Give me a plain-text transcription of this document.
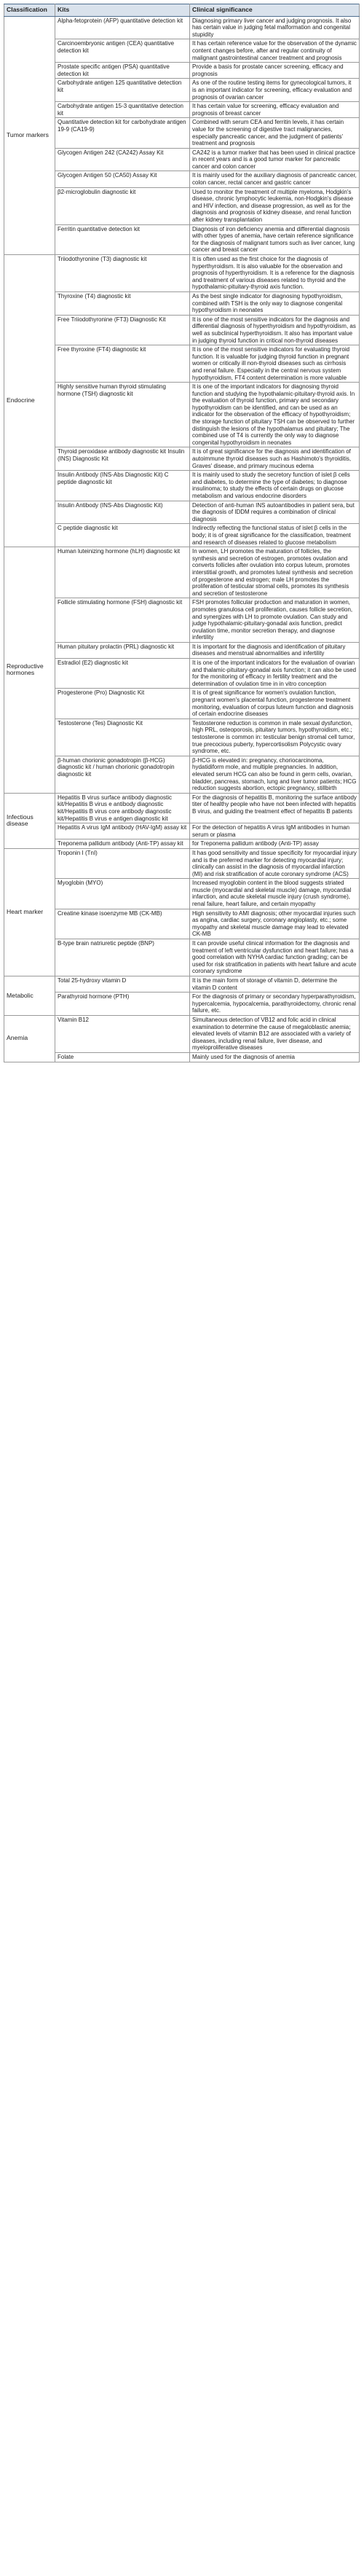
Classification	Kits	Clinical significance
Tumor markers	Alpha-fetoprotein (AFP) quantitative detection kit	Diagnosing primary liver cancer and judging prognosis. It also has certain value in judging fetal malformation and congenital stupidity
	Carcinoembryonic antigen (CEA) quantitative detection kit	It has certain reference value for the observation of the dynamic content changes before, after and regular continuity of malignant gastrointestinal cancer treatment and prognosis
	Prostate specific antigen (PSA) quantitative detection kit	Provide a basis for prostate cancer screening, efficacy and prognosis
	Carbohydrate antigen 125 quantitative detection kit	As one of the routine testing items for gynecological tumors, it is an important indicator for screening, efficacy evaluation and prognosis of ovarian cancer
	Carbohydrate antigen 15-3 quantitative detection kit	It has certain value for screening, efficacy evaluation and prognosis of breast cancer
	Quantitative detection kit for carbohydrate antigen 19-9 (CA19-9)	Combined with serum CEA and ferritin levels, it has certain value for the screening of digestive tract malignancies, especially pancreatic cancer, and the judgment of patients' treatment and prognosis
	Glycogen Antigen 242 (CA242) Assay Kit	CA242 is a tumor marker that has been used in clinical practice in recent years and is a good tumor marker for pancreatic cancer and colon cancer
	Glycogen Antigen 50 (CA50) Assay Kit	It is mainly used for the auxiliary diagnosis of pancreatic cancer, colon cancer, rectal cancer and gastric cancer
	β2-microglobulin diagnostic kit	Used to monitor the treatment of multiple myeloma, Hodgkin's disease, chronic lymphocytic leukemia, non-Hodgkin's disease and HIV infection, and disease progression, as well as for the diagnosis and prognosis of kidney disease, and renal function after kidney transplantation
	Ferritin quantitative detection kit	Diagnosis of iron deficiency anemia and differential diagnosis with other types of anemia, have certain reference significance for the diagnosis of malignant tumors such as liver cancer, lung cancer and breast cancer
Endocrine	Triiodothyronine (T3) diagnostic kit	It is often used as the first choice for the diagnosis of hyperthyroidism. It is also valuable for the observation and prognosis of hyperthyroidism. It is a reference for the diagnosis and treatment of various diseases related to thyroid and the hypothalamic-pituitary-thyroid axis function.
	Thyroxine (T4) diagnostic kit	As the best single indicator for diagnosing hypothyroidism, combined with TSH is the only way to diagnose congenital hypothyroidism in neonates
	Free Triiodothyronine (FT3) Diagnostic Kit	It is one of the most sensitive indicators for the diagnosis and differential diagnosis of hyperthyroidism and hypothyroidism, as well as subclinical hyperthyroidism. It also has important value in judging thyroid function in critical non-thyroid diseases
	Free thyroxine (FT4) diagnostic kit	It is one of the most sensitive indicators for evaluating thyroid function. It is valuable for judging thyroid function in pregnant women or critically ill non-thyroid diseases such as cirrhosis and renal failure. Especially in the central nervous system hypothyroidism, FT4 content determination is more valuable
	Highly sensitive human thyroid stimulating hormone (TSH) diagnostic kit	It is one of the important indicators for diagnosing thyroid function and studying the hypothalamic-pituitary-thyroid axis. In the evaluation of thyroid function, primary and secondary hypothyroidism can be identified, and can be used as an indicator for the observation of the efficacy of hypothyroidism; the storage function of pituitary TSH can be observed to further distinguish the lesions of the hypothalamus and pituitary; The combined use of T4 is currently the only way to diagnose congenital hypothyroidism in neonates
	Thyroid peroxidase antibody diagnostic kit Insulin (INS) Diagnostic Kit	It is of great significance for the diagnosis and identification of autoimmune thyroid diseases such as Hashimoto's thyroiditis, Graves' disease, and primary mucinous edema
	Insulin Antibody (INS-Abs Diagnostic Kit) C peptide diagnostic kit	It is mainly used to study the secretory function of islet β cells and diabetes, to determine the type of diabetes; to diagnose insulinoma; to study the effects of certain drugs on glucose metabolism and various endocrine disorders
	Insulin Antibody (INS-Abs Diagnostic Kit)	Detection of anti-human INS autoantibodies in patient sera, but the diagnosis of IDDM requires a combination of clinical diagnosis
	C peptide diagnostic kit	Indirectly reflecting the functional status of islet β cells in the body; it is of great significance for the classification, treatment and research of diseases related to glucose metabolism
Reproductive hormones	Human luteinizing hormone (hLH) diagnostic kit	In women, LH promotes the maturation of follicles, the synthesis and secretion of estrogen, promotes ovulation and converts follicles after ovulation into corpus luteum, promotes interstitial growth, and promotes luteal synthesis and secretion of progesterone and estrogen; male LH promotes the proliferation of testicular stromal cells, promotes its synthesis and secretion of testosterone
	Follicle stimulating hormone (FSH) diagnostic kit	FSH promotes follicular production and maturation in women, promotes granulosa cell proliferation, causes follicle secretion, and synergizes with LH to promote ovulation. Can study and judge hypothalamic-pituitary-gonadal axis function, predict ovulation time, monitor secretion therapy, and diagnose infertility
	Human pituitary prolactin (PRL) diagnostic kit	It is important for the diagnosis and identification of pituitary diseases and menstrual abnormalities and infertility
	Estradiol (E2) diagnostic kit	It is one of the important indicators for the evaluation of ovarian and thalamic-pituitary-gonadal axis function; it can also be used for the monitoring of efficacy in fertility treatment and the determination of ovulation time in in vitro conception
	Progesterone (Pro) Diagnostic Kit	It is of great significance for women's ovulation function, pregnant women's placental function, progesterone treatment monitoring, evaluation of corpus luteum function and diagnosis of certain endocrine diseases
	Testosterone (Tes) Diagnostic Kit	Testosterone reduction is common in male sexual dysfunction, high PRL, osteoporosis, pituitary tumors, hypothyroidism, etc.; testosterone is common in: testicular benign stromal cell tumor, true precocious puberty, hypercortisolism Polycystic ovary syndrome, etc.
	β-human chorionic gonadotropin (β-HCG) diagnostic kit / human chorionic gonadotropin diagnostic kit	β-HCG is elevated in: pregnancy, choriocarcinoma, hydatidiform mole, and multiple pregnancies. In addition, elevated serum HCG can also be found in germ cells, ovarian, bladder, pancreas, stomach, lung and liver tumor patients; HCG reduction suggests abortion, ectopic pregnancy, stillbirth
Infectious disease	Hepatitis B virus surface antibody diagnostic kit/Hepatitis B virus e antibody diagnostic kit/Hepatitis B virus core antibody diagnostic kit/Hepatitis B virus e antigen diagnostic kit	For the diagnosis of hepatitis B, monitoring the surface antibody titer of healthy people who have not been infected with hepatitis B virus, and guiding the treatment effect of hepatitis B patients
	Hepatitis A virus IgM antibody (HAV-IgM) assay kit	For the detection of hepatitis A virus IgM antibodies in human serum or plasma
	Treponema pallidum antibody (Anti-TP) assay kit	for Treponema pallidum antibody (Anti-TP) assay
Heart marker	Troponin I (TnI)	It has good sensitivity and tissue specificity for myocardial injury and is the preferred marker for detecting myocardial injury; clinically can assist in the diagnosis of myocardial infarction (MI) and risk stratification of acute coronary syndrome (ACS)
	Myoglobin (MYO)	Increased myoglobin content in the blood suggests striated muscle (myocardial and skeletal muscle) damage, myocardial infarction, and acute skeletal muscle injury (crush syndrome), renal failure, heart failure, and certain myopathy
	Creatine kinase isoenzyme MB (CK-MB)	High sensitivity to AMI diagnosis; other myocardial injuries such as angina, cardiac surgery, coronary angioplasty, etc.; some myopathy and skeletal muscle damage may lead to elevated CK-MB
	B-type brain natriuretic peptide (BNP)	It can provide useful clinical information for the diagnosis and treatment of left ventricular dysfunction and heart failure; has a good correlation with NYHA cardiac function grading; can be used for risk stratification in patients with heart failure and acute coronary syndrome
Metabolic	Total 25-hydroxy vitamin D	It is the main form of storage of vitamin D, determine the vitamin D content
	Parathyroid hormone (PTH)	For the diagnosis of primary or secondary hyperparathyroidism, hypercalcemia, hypocalcemia, parathyroidectomy, chronic renal failure, etc.
Anemia	Vitamin B12	Simultaneous detection of VB12 and folic acid in clinical examination to determine the cause of megaloblastic anemia; elevated levels of vitamin B12 are associated with a variety of diseases, including renal failure, liver disease, and myeloproliferative diseases
	Folate	Mainly used for the diagnosis of anemia
